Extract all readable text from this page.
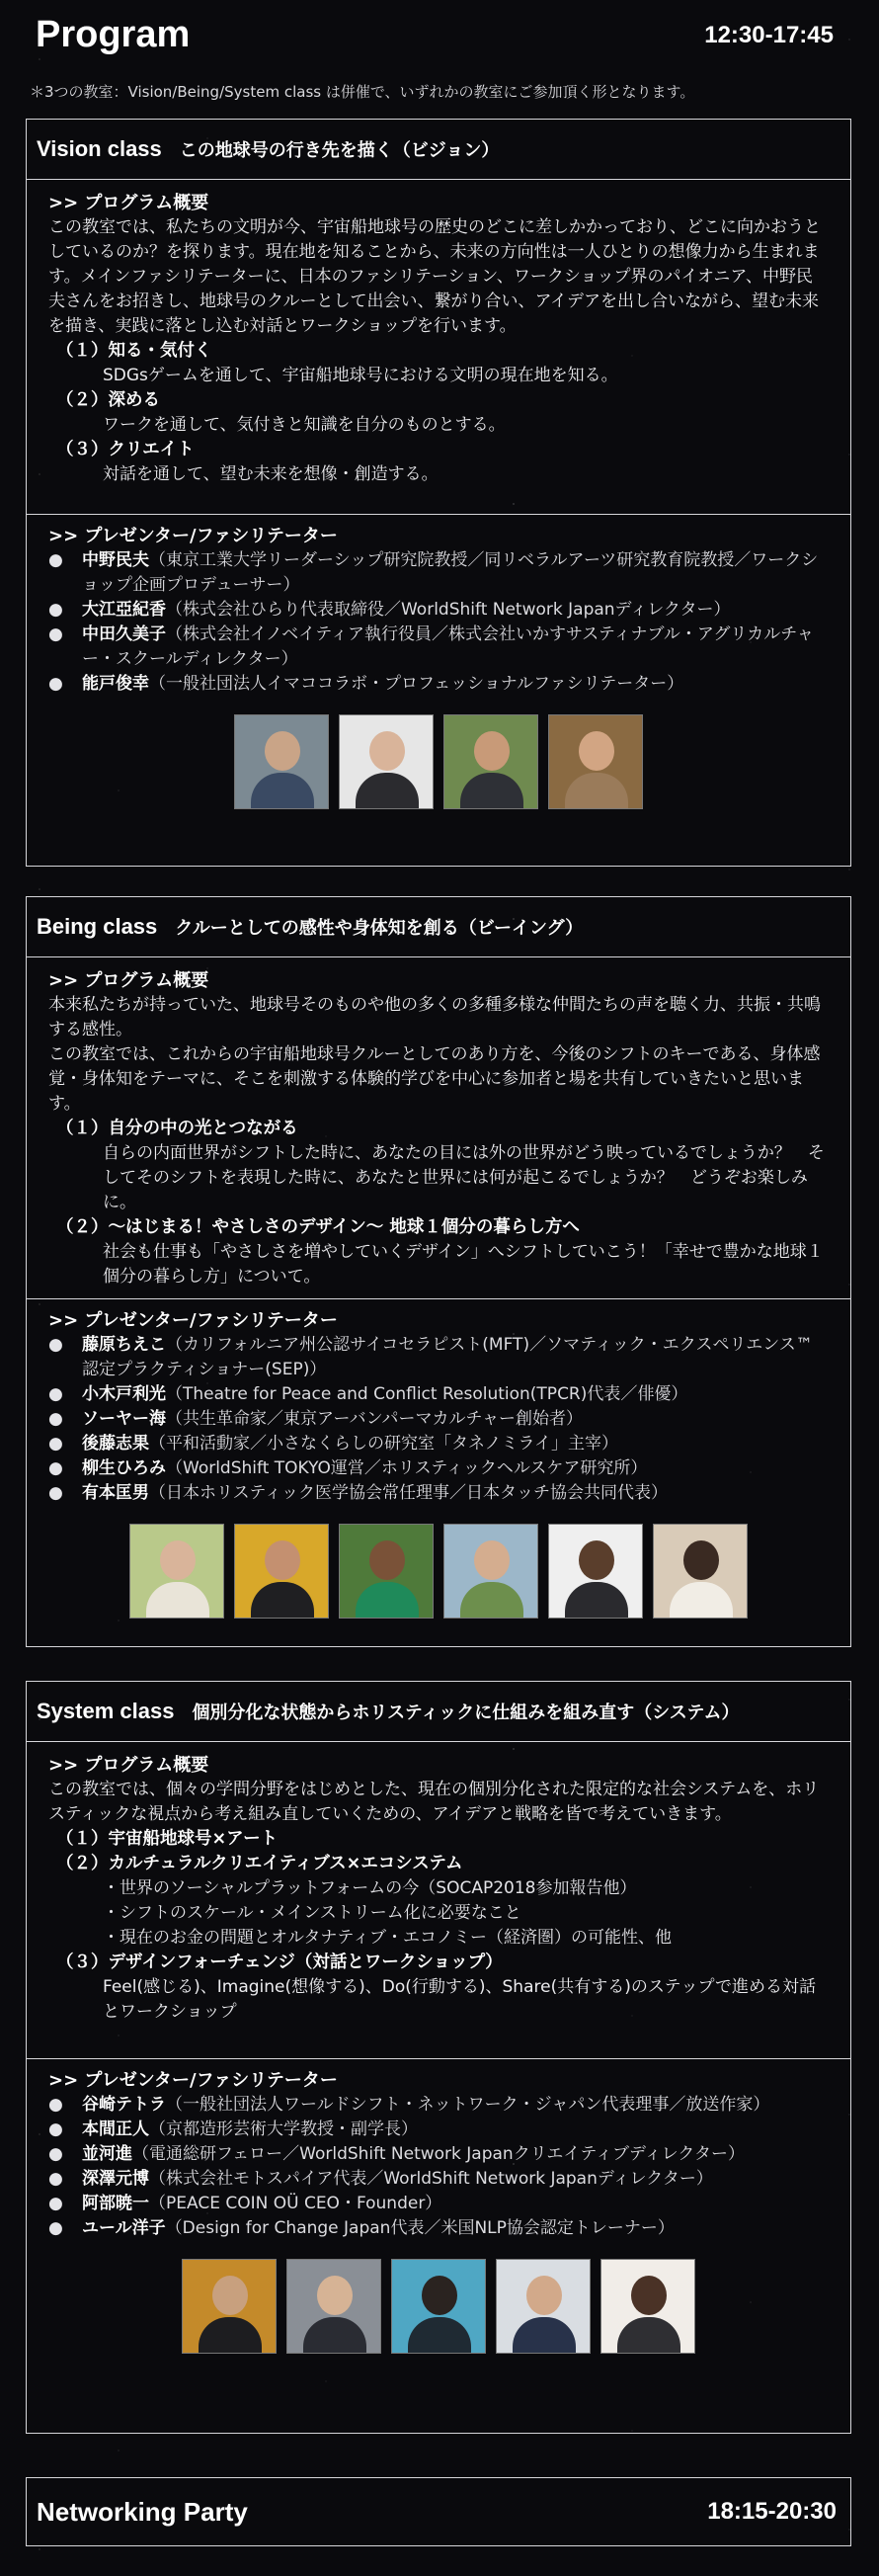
Program	12:30-17:45
＊3つの教室：Vision/Being/System class は併催で、いずれかの教室にご参加頂く形となります。
Vision class この地球号の行き先を描く（ビジョン）
>> プログラム概要
この教室では、私たちの文明が今、宇宙船地球号の歴史のどこに差しかかっており、どこに向かおうとしているのか？を探ります。現在地を知ることから、未来の方向性は一人ひとりの想像力から生まれます。メインファシリテーターに、日本のファシリテーション、ワークショップ界のパイオニア、中野民夫さんをお招きし、地球号のクルーとして出会い、繋がり合い、アイデアを出し合いながら、望む未来を描き、実践に落とし込む対話とワークショップを行います。
（１）知る・気付く
SDGsゲームを通して、宇宙船地球号における文明の現在地を知る。
（２）深める
ワークを通して、気付きと知識を自分のものとする。
（３）クリエイト
対話を通して、望む未来を想像・創造する。
>> プレゼンター/ファシリテーター
●	中野民夫（東京工業大学リーダーシップ研究院教授／同リベラルアーツ研究教育院教授／ワークショップ企画プロデューサー）
●	大江亞紀香（株式会社ひらり代表取締役／WorldShift Network Japanディレクター）
●	中田久美子（株式会社イノベイティア執行役員／株式会社いかすサスティナブル・アグリカルチャー・スクールディレクター）
●	能戸俊幸（一般社団法人イマココラボ・プロフェッショナルファシリテーター）
Being class クルーとしての感性や身体知を創る（ビーイング）
>> プログラム概要
本来私たちが持っていた、地球号そのものや他の多くの多種多様な仲間たちの声を聴く力、共振・共鳴する感性。
この教室では、これからの宇宙船地球号クルーとしてのあり方を、今後のシフトのキーである、身体感覚・身体知をテーマに、そこを刺激する体験的学びを中心に参加者と場を共有していきたいと思います。
（１）自分の中の光とつながる
自らの内面世界がシフトした時に、あなたの目には外の世界がどう映っているでしょうか？　そしてそのシフトを表現した時に、あなたと世界には何が起こるでしょうか？　どうぞお楽しみに。
（２）〜はじまる！やさしさのデザイン〜 地球１個分の暮らし方へ
社会も仕事も「やさしさを増やしていくデザイン」へシフトしていこう！「幸せで豊かな地球１個分の暮らし方」について。
>> プレゼンター/ファシリテーター
●	藤原ちえこ（カリフォルニア州公認サイコセラピスト(MFT)／ソマティック・エクスペリエンス™認定プラクティショナー(SEP)）
●	小木戸利光（Theatre for Peace and Conflict Resolution(TPCR)代表／俳優）
●	ソーヤー海（共生革命家／東京アーバンパーマカルチャー創始者）
●	後藤志果（平和活動家／小さなくらしの研究室「タネノミライ」主宰）
●	柳生ひろみ（WorldShift TOKYO運営／ホリスティックヘルスケア研究所）
●	有本匡男（日本ホリスティック医学協会常任理事／日本タッチ協会共同代表）
System class 個別分化な状態からホリスティックに仕組みを組み直す（システム）
>> プログラム概要
この教室では、個々の学問分野をはじめとした、現在の個別分化された限定的な社会システムを、ホリスティックな視点から考え組み直していくための、アイデアと戦略を皆で考えていきます。
（１）宇宙船地球号×アート
（２）カルチュラルクリエイティブス×エコシステム
・世界のソーシャルプラットフォームの今（SOCAP2018参加報告他）
・シフトのスケール・メインストリーム化に必要なこと
・現在のお金の問題とオルタナティブ・エコノミー（経済圏）の可能性、他
（３）デザインフォーチェンジ（対話とワークショップ）
Feel(感じる)、Imagine(想像する)、Do(行動する)、Share(共有する)のステップで進める対話とワークショップ
>> プレゼンター/ファシリテーター
●	谷崎テトラ（一般社団法人ワールドシフト・ネットワーク・ジャパン代表理事／放送作家）
●	本間正人（京都造形芸術大学教授・副学長）
●	並河進（電通総研フェロー／WorldShift Network Japanクリエイティブディレクター）
●	深澤元博（株式会社モトスパイア代表／WorldShift Network Japanディレクター）
●	阿部暁一（PEACE COIN OÜ CEO・Founder）
●	ユール洋子（Design for Change Japan代表／米国NLP協会認定トレーナー）
Networking Party	18:15-20:30
